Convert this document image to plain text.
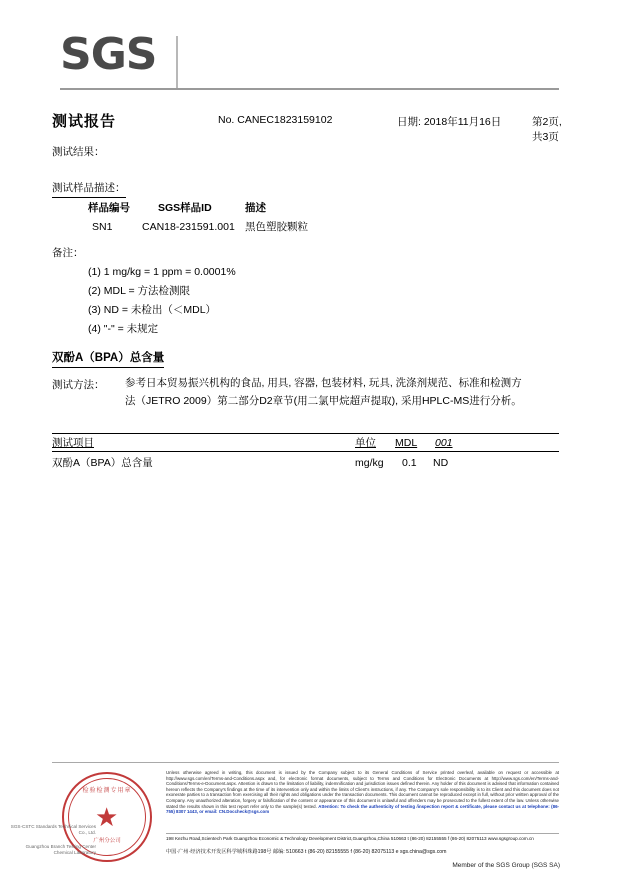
SGS
测试报告	No. CANEC1823159102	日期: 2018年11月16日	第2页,共3页
测试结果：
测试样品描述：
样品编号	SGS样品ID	描述
SN1	CAN18-231591.001 黑色塑胶颗粒
备注：
(1) 1 mg/kg = 1 ppm = 0.0001%
(2) MDL = 方法检测限
(3) ND = 未检出（＜MDL）
(4) "-" = 未规定
双酚A（BPA）总含量
测试方法： 参考日本贸易振兴机构的食品, 用具, 容器, 包装材料, 玩具, 洗涤剂规范、标准和检测方
法（JETRO 2009）第二部分D2章节(用二氯甲烷超声提取), 采用HPLC-MS进行分析。
测试项目	单位 MDL 001
双酚A（BPA）总含量	mg/kg 0.1 ND
检验检测专用章
★
广州分公司
SGS-CSTC Standards Technical Services Co., Ltd.
Guangzhou Branch Testing Center Chemical Laboratory
Unless otherwise agreed in writing, this document is issued by the Company subject to its General Conditions of Service printed overleaf, available on request or accessible at http://www.sgs.com/en/Terms-and-Conditions.aspx and, for electronic format documents, subject to Terms and Conditions for Electronic Documents at http://www.sgs.com/en/Terms-and-Conditions/Terms-e-Document.aspx. Attention is drawn to the limitation of liability, indemnification and jurisdiction issues defined therein. Any holder of this document is advised that information contained hereon reflects the Company's findings at the time of its intervention only and within the limits of Client's instructions, if any. The Company's sole responsibility is to its Client and this document does not exonerate parties to a transaction from exercising all their rights and obligations under the transaction documents. This document cannot be reproduced except in full, without prior written approval of the Company. Any unauthorized alteration, forgery or falsification of the content or appearance of this document is unlawful and offenders may be prosecuted to the fullest extent of the law. Unless otherwise stated the results shown in this test report refer only to the sample(s) tested. Attention: To check the authenticity of testing /inspection report & certificate, please contact us at telephone: (86-755) 8307 1443, or email: CN.Doccheck@sgs.com
198 Kezhu Road,Scientech Park Guangzhou Economic & Technology Development District,Guangzhou,China 510663 t (86-20) 82155555 f (86-20) 82075113 www.sgsgroup.com.cn
中国·广州·经济技术开发区科学城科珠路198号 邮编: 510663 t (86-20) 82155555 f (86-20) 82075113 e sgs.china@sgs.com
Member of the SGS Group (SGS SA)
